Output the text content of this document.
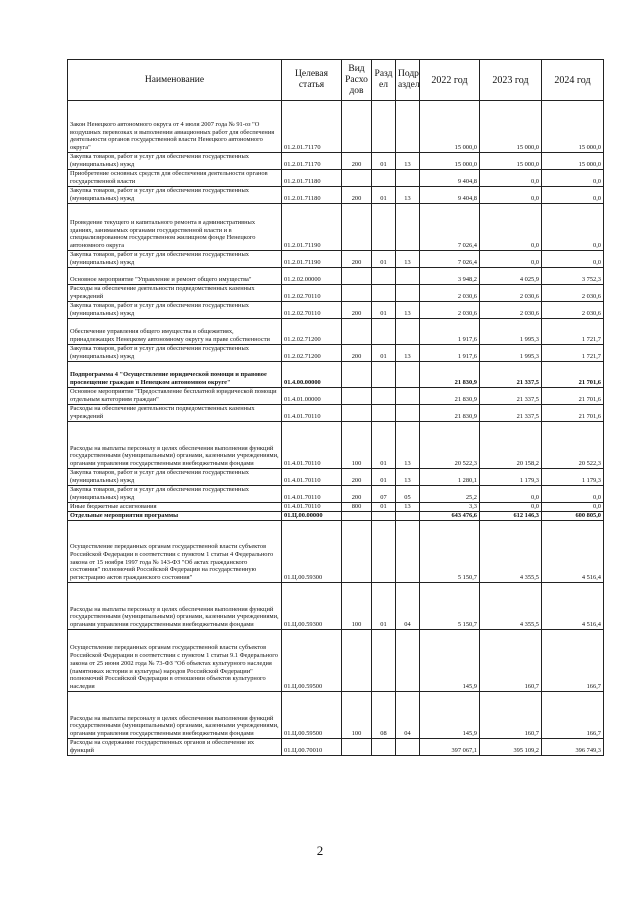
Наименование	Целевая статья	Вид Расхо дов	Разд ел	Подр аздел	2022 год	2023 год	2024 год
Закон Ненецкого автономного округа от 4 июля 2007 года № 91-оз "О воздушных перевозках и выполнении авиационных работ для обеспечения деятельности органов государственной власти Ненецкого автономного округа"	01.2.01.71170				15 000,0	15 000,0	15 000,0
Закупка товаров, работ и услуг для обеспечения государственных (муниципальных) нужд	01.2.01.71170	200	01	13	15 000,0	15 000,0	15 000,0
Приобретение основных средств для обеспечения деятельности органов государственной власти	01.2.01.71180				9 404,8	0,0	0,0
Закупка товаров, работ и услуг для обеспечения государственных (муниципальных) нужд	01.2.01.71180	200	01	13	9 404,8	0,0	0,0
Проведение текущего и капитального ремонта в административных зданиях, занимаемых органами государственной власти и в специализированном государственном жилищном фонде Ненецкого автономного округа	01.2.01.71190				7 026,4	0,0	0,0
Закупка товаров, работ и услуг для обеспечения государственных (муниципальных) нужд	01.2.01.71190	200	01	13	7 026,4	0,0	0,0
Основное мероприятие "Управление и ремонт общего имущества"	01.2.02.00000				3 948,2	4 025,9	3 752,3
Расходы на обеспечение деятельности подведомственных казенных учреждений	01.2.02.70110				2 030,6	2 030,6	2 030,6
Закупка товаров, работ и услуг для обеспечения государственных (муниципальных) нужд	01.2.02.70110	200	01	13	2 030,6	2 030,6	2 030,6
Обеспечение управления общего имущества в общежитиях, принадлежащих Ненецкому автономному округу на праве собственности	01.2.02.71200				1 917,6	1 995,3	1 721,7
Закупка товаров, работ и услуг для обеспечения государственных (муниципальных) нужд	01.2.02.71200	200	01	13	1 917,6	1 995,3	1 721,7
Подпрограмма 4 "Осуществление юридической помощи и правовое просвещение граждан в Ненецком автономном округе"	01.4.00.00000				21 830,9	21 337,5	21 701,6
Основное мероприятие "Предоставление бесплатной юридической помощи отдельным категориям граждан"	01.4.01.00000				21 830,9	21 337,5	21 701,6
Расходы на обеспечение деятельности подведомственных казенных учреждений	01.4.01.70110				21 830,9	21 337,5	21 701,6
Расходы на выплаты персоналу в целях обеспечения выполнения функций государственными (муниципальными) органами, казенными учреждениями, органами управления государственными внебюджетными фондами	01.4.01.70110	100	01	13	20 522,3	20 158,2	20 522,3
Закупка товаров, работ и услуг для обеспечения государственных (муниципальных) нужд	01.4.01.70110	200	01	13	1 280,1	1 179,3	1 179,3
Закупка товаров, работ и услуг для обеспечения государственных (муниципальных) нужд	01.4.01.70110	200	07	05	25,2	0,0	0,0
Иные бюджетные ассигнования	01.4.01.70110	800	01	13	3,3	0,0	0,0
Отдельные мероприятия программы	01.Ц.00.00000				643 476,6	612 146,3	600 805,0
Осуществление переданных органам государственной власти субъектов Российской Федерации в соответствии с пунктом 1 статьи 4 Федерального закона от 15 ноября 1997 года № 143-ФЗ "Об актах гражданского состояния" полномочий Российской Федерации на государственную регистрацию актов гражданского состояния"	01.Ц.00.59300				5 150,7	4 355,5	4 516,4
Расходы на выплаты персоналу в целях обеспечения выполнения функций государственными (муниципальными) органами, казенными учреждениями, органами управления государственными внебюджетными фондами	01.Ц.00.59300	100	01	04	5 150,7	4 355,5	4 516,4
Осуществление переданных органам государственной власти субъектов Российской Федерации в соответствии с пунктом 1 статьи 9.1 Федерального закона от 25 июня 2002 года № 73-ФЗ "Об объектах культурного наследия (памятниках истории и культуры) народов Российской Федерации" полномочий Российской Федерации в отношении объектов культурного наследия	01.Ц.00.59500				145,9	160,7	166,7
Расходы на выплаты персоналу в целях обеспечения выполнения функций государственными (муниципальными) органами, казенными учреждениями, органами управления государственными внебюджетными фондами	01.Ц.00.59500	100	08	04	145,9	160,7	166,7
Расходы на содержание государственных органов и обеспечение их функций	01.Ц.00.70010				397 067,1	395 109,2	396 749,3
2
